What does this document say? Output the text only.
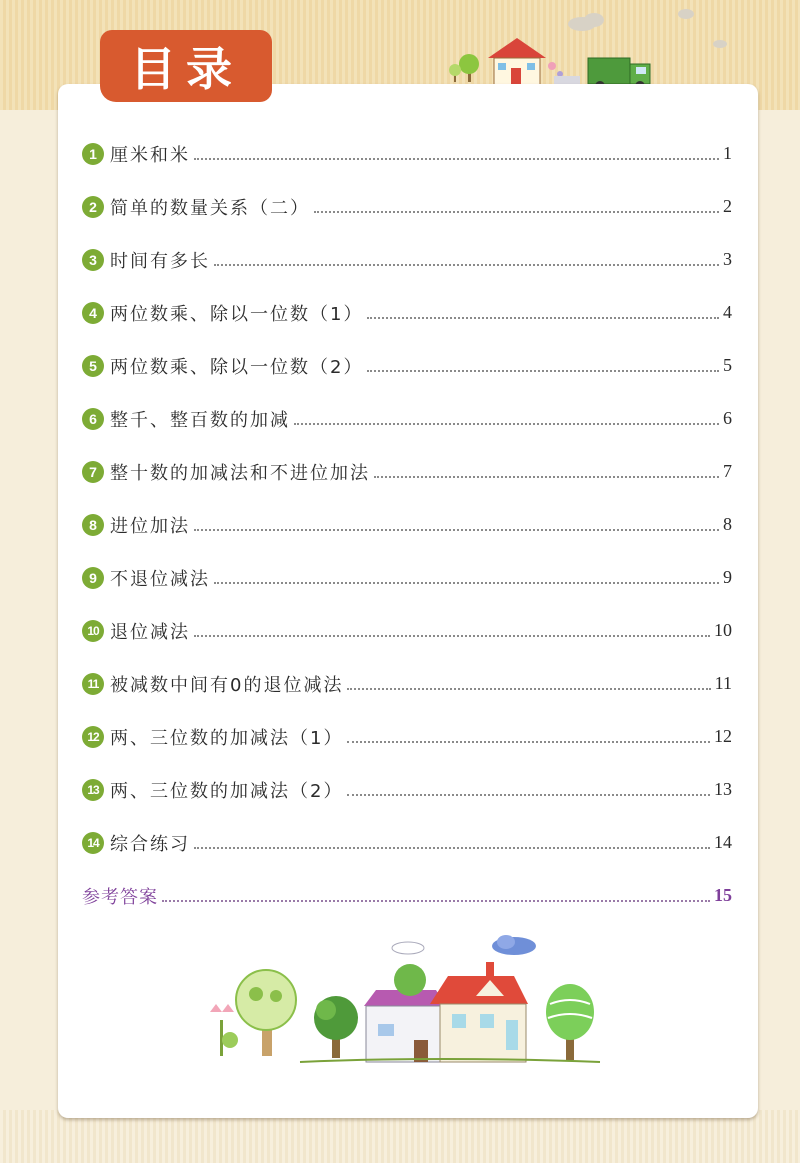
目录
1 厘米和米	1
2 简单的数量关系（二）	2
3 时间有多长	3
4 两位数乘、除以一位数（1）	4
5 两位数乘、除以一位数（2）	5
6 整千、整百数的加减	6
7 整十数的加减法和不进位加法	7
8 进位加法	8
9 不退位减法	9
10 退位减法	10
11 被减数中间有0的退位减法	11
12 两、三位数的加减法（1）	12
13 两、三位数的加减法（2）	13
14 综合练习	14
参考答案	15
